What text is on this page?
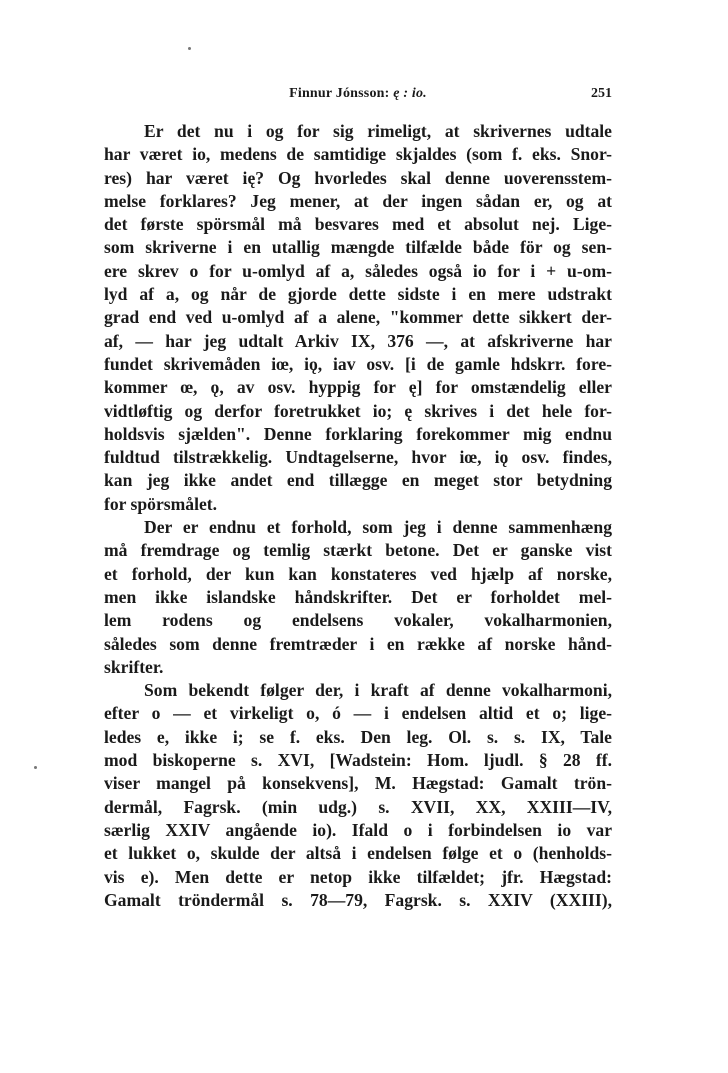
Finnur Jónsson: ę : io.	251
Er det nu i og for sig rimeligt, at skrivernes udtale
har været io, medens de samtidige skjaldes (som f. eks. Snor-
res) har været ię? Og hvorledes skal denne uoverensstem-
melse forklares? Jeg mener, at der ingen sådan er, og at
det første spörsmål må besvares med et absolut nej. Lige-
som skriverne i en utallig mængde tilfælde både för og sen-
ere skrev o for u-omlyd af a, således også io for i + u-om-
lyd af a, og når de gjorde dette sidste i en mere udstrakt
grad end ved u-omlyd af a alene, "kommer dette sikkert der-
af, — har jeg udtalt Arkiv IX, 376 —, at afskriverne har
fundet skrivemåden iœ, iǫ, iav osv. [i de gamle hdskrr. fore-
kommer œ, ǫ, av osv. hyppig for ę] for omstændelig eller
vidtløftig og derfor foretrukket io; ę skrives i det hele for-
holdsvis sjælden". Denne forklaring forekommer mig endnu
fuldtud tilstrækkelig. Undtagelserne, hvor iœ, iǫ osv. findes,
kan jeg ikke andet end tillægge en meget stor betydning
for spörsmålet.
Der er endnu et forhold, som jeg i denne sammenhæng
må fremdrage og temlig stærkt betone. Det er ganske vist
et forhold, der kun kan konstateres ved hjælp af norske,
men ikke islandske håndskrifter. Det er forholdet mel-
lem rodens og endelsens vokaler, vokalharmonien,
således som denne fremtræder i en række af norske hånd-
skrifter.
Som bekendt følger der, i kraft af denne vokalharmoni,
efter o — et virkeligt o, ó — i endelsen altid et o; lige-
ledes e, ikke i; se f. eks. Den leg. Ol. s. s. IX, Tale
mod biskoperne s. XVI, [Wadstein: Hom. ljudl. § 28 ff.
viser mangel på konsekvens], M. Hægstad: Gamalt trön-
dermål, Fagrsk. (min udg.) s. XVII, XX, XXIII—IV,
særlig XXIV angående io). Ifald o i forbindelsen io var
et lukket o, skulde der altså i endelsen følge et o (henholds-
vis e). Men dette er netop ikke tilfældet; jfr. Hægstad:
Gamalt tröndermål s. 78—79, Fagrsk. s. XXIV (XXIII),
